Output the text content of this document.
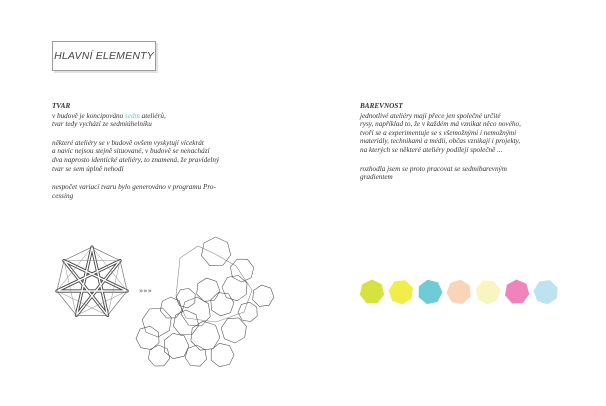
HLAVNÍ ELEMENTY
TVAR
v budově je koncipováno sedm ateliérů,
tvar tedy vychází ze sedmiúhelníku
některé ateliéry se v budově ovšem vyskytují vícekrát
a navíc nejsou stejně situované, v budově se nenachází
dva naprosto identické ateliéry, to znamená, že pravidelný
tvar se sem úplně nehodí
nespočet variací tvaru bylo generováno v programu Pro-
cessing
BAREVNOST
jednotlivé ateliéry mají přece jen společné určité
rysy, například to, že v každém má vznikat něco nového,
tvoří se a experimentuje se s všemožnými i nemožnými
materiály, technikami a médii, občas vznikají i projekty,
na kterých se některé ateliéry podílejí společně ...
rozhodla jsem se proto pracovat se sedmibarevným
gradientem
»»»
